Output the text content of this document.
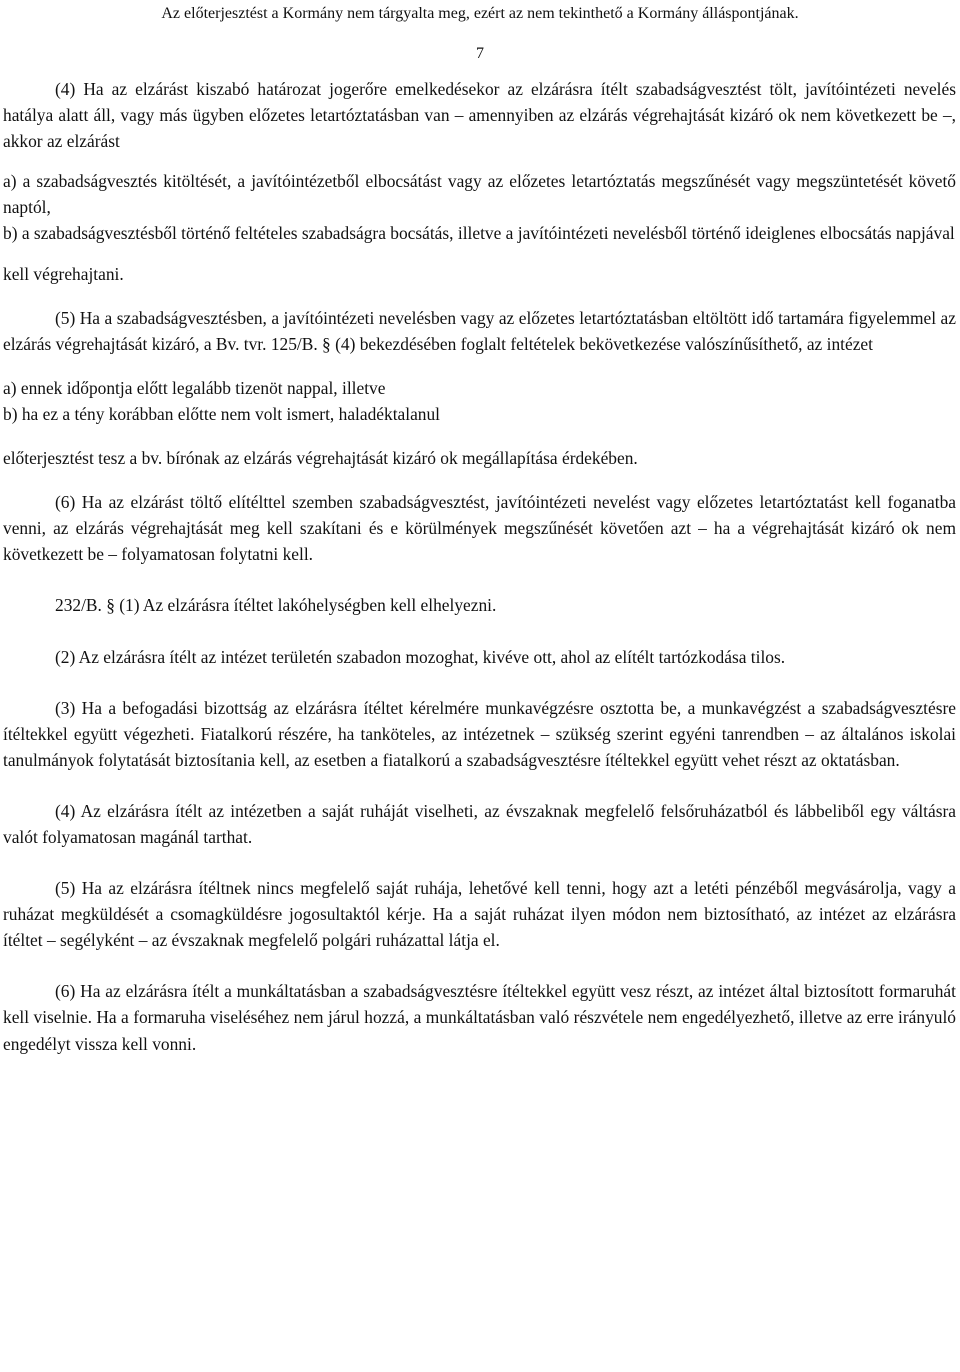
Az előterjesztést a Kormány nem tárgyalta meg, ezért az nem tekinthető a Kormány álláspontjának.
7

(4) Ha az elzárást kiszabó határozat jogerőre emelkedésekor az elzárásra ítélt szabadságvesztést tölt, javítóintézeti nevelés hatálya alatt áll, vagy más ügyben előzetes letartóztatásban van – amennyiben az elzárás végrehajtását kizáró ok nem következett be –, akkor az elzárást

a) a szabadságvesztés kitöltését, a javítóintézetből elbocsátást vagy az előzetes letartóztatás megszűnését vagy megszüntetését követő naptól,

b) a szabadságvesztésből történő feltételes szabadságra bocsátás, illetve a javítóintézeti nevelésből történő ideiglenes elbocsátás napjával

kell végrehajtani.

(5) Ha a szabadságvesztésben, a javítóintézeti nevelésben vagy az előzetes letartóztatásban eltöltött idő tartamára figyelemmel az elzárás végrehajtását kizáró, a Bv. tvr. 125/B. § (4) bekezdésében foglalt feltételek bekövetkezése valószínűsíthető, az intézet

a) ennek időpontja előtt legalább tizenöt nappal, illetve

b) ha ez a tény korábban előtte nem volt ismert, haladéktalanul

előterjesztést tesz a bv. bírónak az elzárás végrehajtását kizáró ok megállapítása érdekében.

(6) Ha az elzárást töltő elítélttel szemben szabadságvesztést, javítóintézeti nevelést vagy előzetes letartóztatást kell foganatba venni, az elzárás végrehajtását meg kell szakítani és e körülmények megszűnését követően azt – ha a végrehajtását kizáró ok nem következett be – folyamatosan folytatni kell.

232/B. § (1) Az elzárásra ítéltet lakóhelységben kell elhelyezni.

(2) Az elzárásra ítélt az intézet területén szabadon mozoghat, kivéve ott, ahol az elítélt tartózkodása tilos.

(3) Ha a befogadási bizottság az elzárásra ítéltet kérelmére munkavégzésre osztotta be, a munkavégzést a szabadságvesztésre ítéltekkel együtt végezheti. Fiatalkorú részére, ha tanköteles, az intézetnek – szükség szerint egyéni tanrendben – az általános iskolai tanulmányok folytatását biztosítania kell, az esetben a fiatalkorú a szabadságvesztésre ítéltekkel együtt vehet részt az oktatásban.

(4) Az elzárásra ítélt az intézetben a saját ruháját viselheti, az évszaknak megfelelő felsőruházatból és lábbeliből egy váltásra valót folyamatosan magánál tarthat.

(5) Ha az elzárásra ítéltnek nincs megfelelő saját ruhája, lehetővé kell tenni, hogy azt a letéti pénzéből megvásárolja, vagy a ruházat megküldését a csomagküldésre jogosultaktól kérje. Ha a saját ruházat ilyen módon nem biztosítható, az intézet az elzárásra ítéltet – segélyként – az évszaknak megfelelő polgári ruházattal látja el.

(6) Ha az elzárásra ítélt a munkáltatásban a szabadságvesztésre ítéltekkel együtt vesz részt, az intézet által biztosított formaruhát kell viselnie. Ha a formaruha viseléséhez nem járul hozzá, a munkáltatásban való részvétele nem engedélyezhető, illetve az erre irányuló engedélyt vissza kell vonni.
